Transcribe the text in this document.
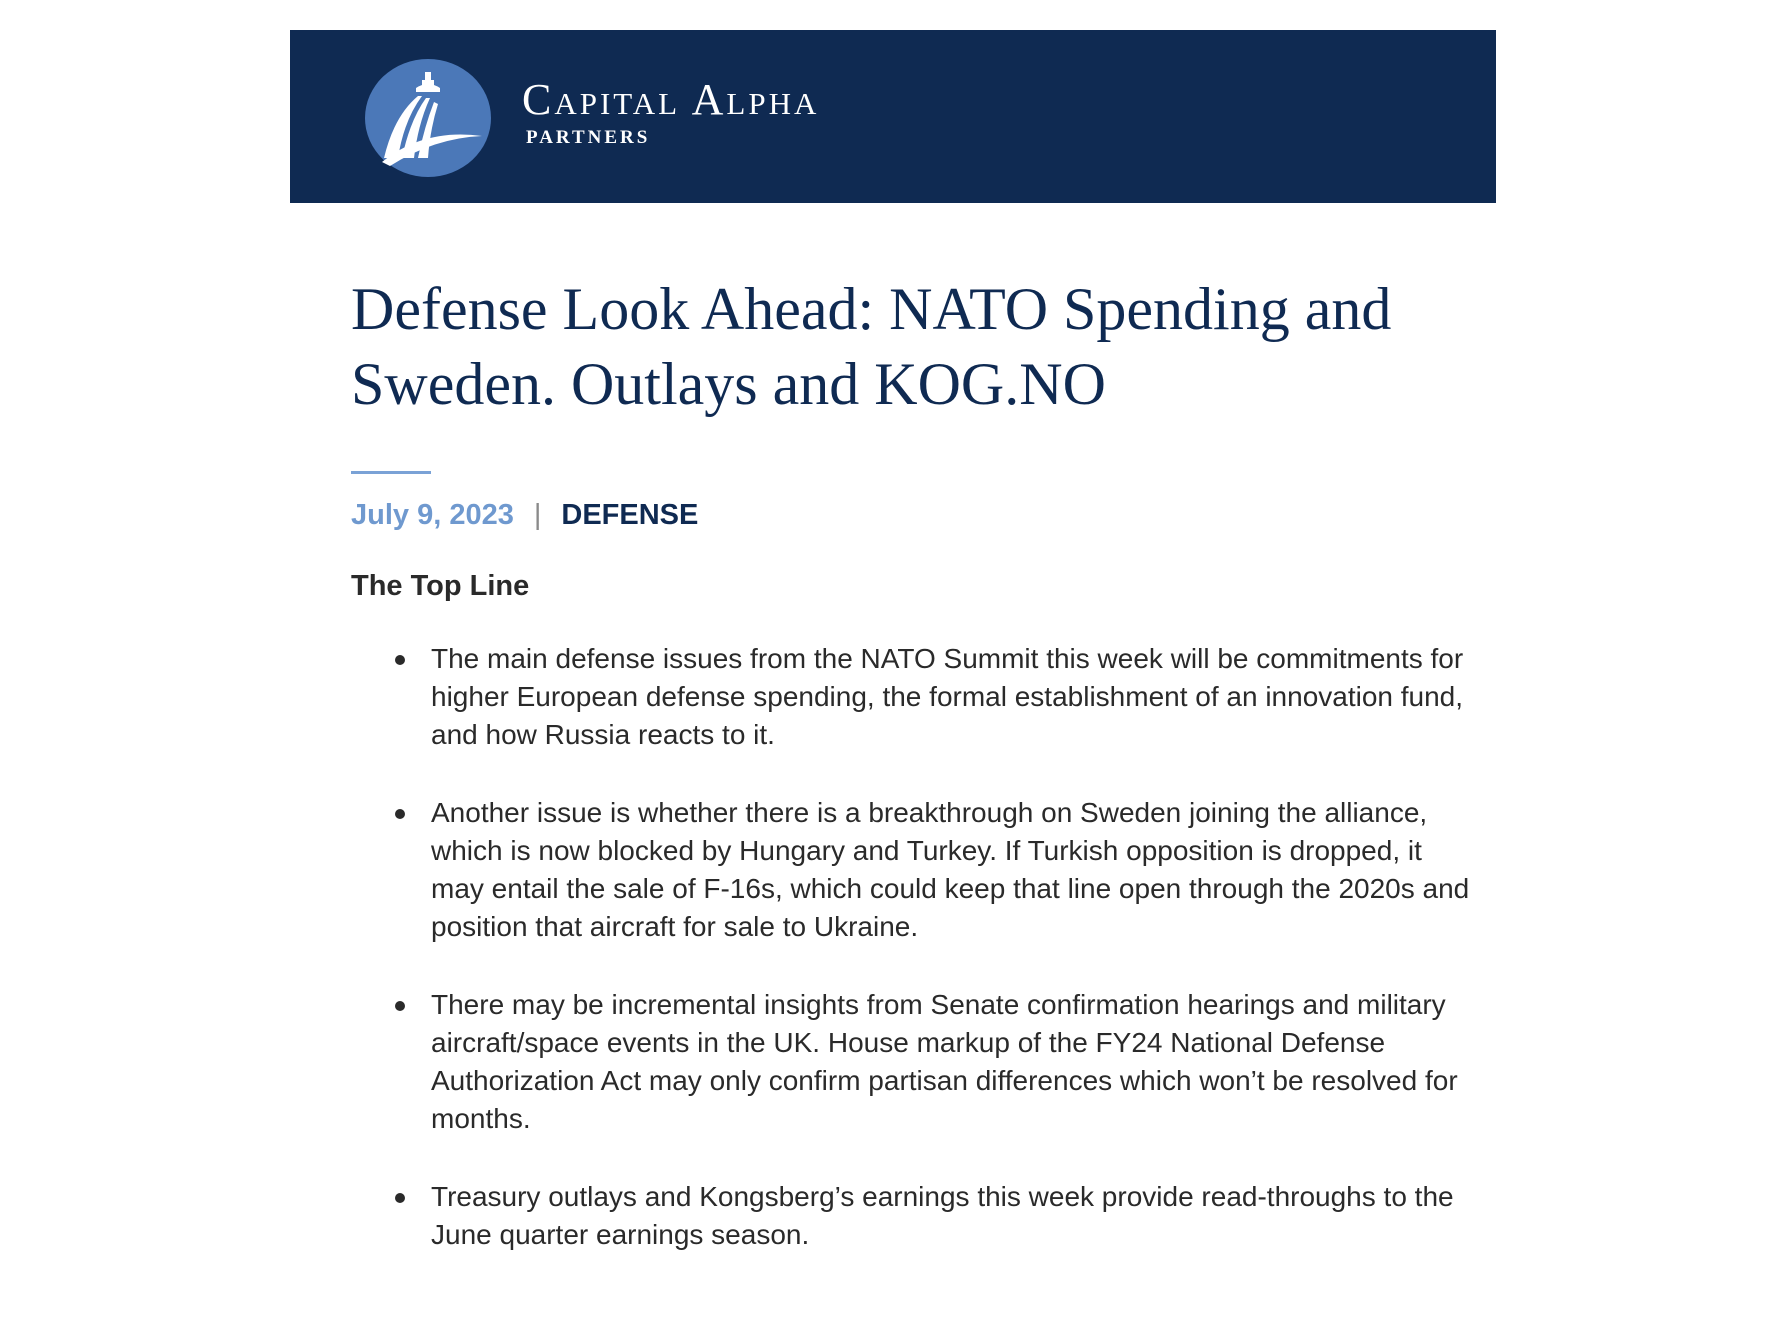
Capital Alpha
PARTNERS
Defense Look Ahead: NATO Spending and Sweden. Outlays and KOG.NO
July 9, 2023 | DEFENSE
The Top Line
The main defense issues from the NATO Summit this week will be commitments for higher European defense spending, the formal establishment of an innovation fund, and how Russia reacts to it.
Another issue is whether there is a breakthrough on Sweden joining the alliance, which is now blocked by Hungary and Turkey. If Turkish opposition is dropped, it may entail the sale of F-16s, which could keep that line open through the 2020s and position that aircraft for sale to Ukraine.
There may be incremental insights from Senate confirmation hearings and military aircraft/space events in the UK. House markup of the FY24 National Defense Authorization Act may only confirm partisan differences which won’t be resolved for months.
Treasury outlays and Kongsberg’s earnings this week provide read-throughs to the June quarter earnings season.
